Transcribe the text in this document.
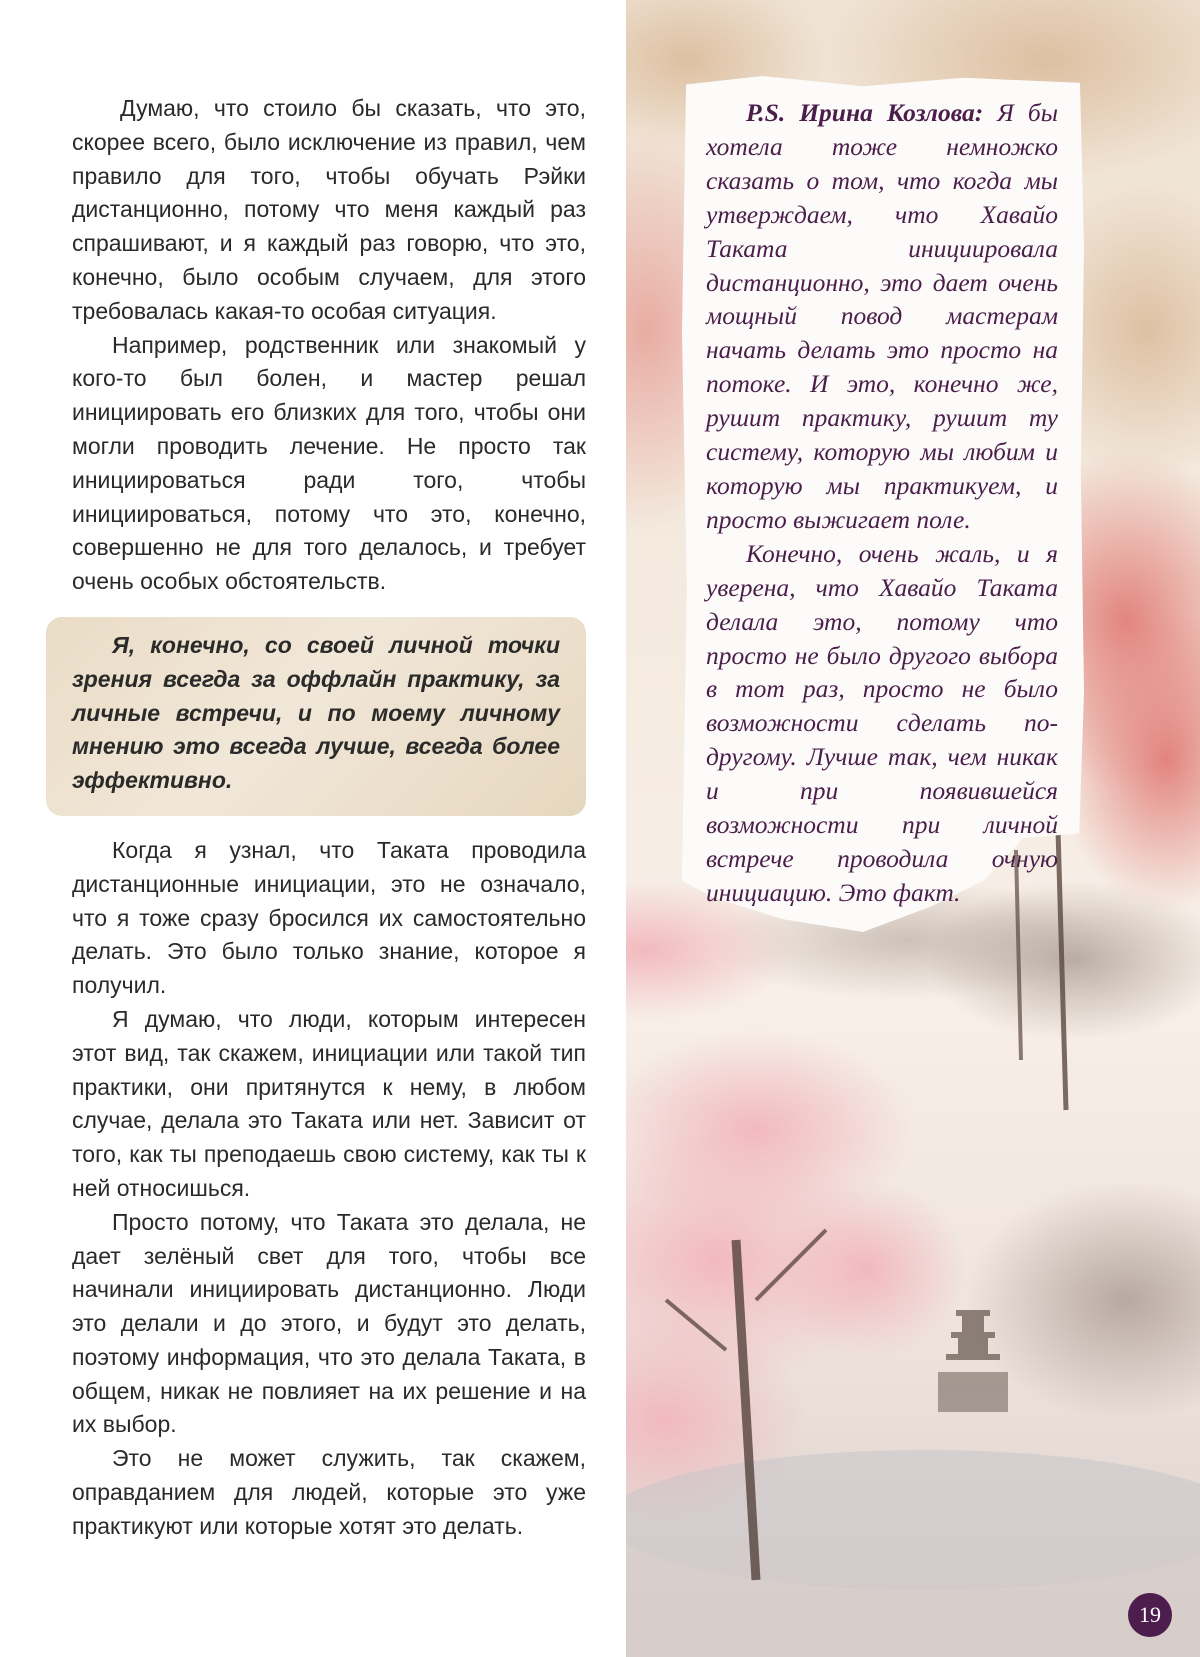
Думаю, что стоило бы сказать, что это, скорее всего, было исключение из правил, чем правило для того, чтобы обучать Рэйки дистанционно, потому что меня каждый раз спрашивают, и я каждый раз говорю, что это, конечно, было особым случаем, для этого требовалась какая-то особая ситуация.

Например, родственник или знакомый у кого-то был болен, и мастер решал инициировать его близких для того, чтобы они могли проводить лечение. Не просто так инициироваться ради того, чтобы инициироваться, потому что это, конечно, совершенно не для того делалось, и требует очень особых обстоятельств.

Я, конечно, со своей личной точки зрения всегда за оффлайн практику, за личные встречи, и по моему личному мнению это всегда лучше, всегда более эффективно.

Когда я узнал, что Таката проводила дистанционные инициации, это не означало, что я тоже сразу бросился их самостоятельно делать. Это было только знание, которое я получил.

Я думаю, что люди, которым интересен этот вид, так скажем, инициации или такой тип практики, они притянутся к нему, в любом случае, делала это Таката или нет. Зависит от того, как ты преподаешь свою систему, как ты к ней относишься.

Просто потому, что Таката это делала, не дает зелёный свет для того, чтобы все начинали инициировать дистанционно. Люди это делали и до этого, и будут это делать, поэтому информация, что это делала Таката, в общем, никак не повлияет на их решение и на их выбор.

Это не может служить, так скажем, оправданием для людей, которые это уже практикуют или которые хотят это делать.

P.S. Ирина Козлова: Я бы хотела тоже немножко сказать о том, что когда мы утверждаем, что Хавайо Таката инициировала дистанционно, это дает очень мощный повод мастерам начать делать это просто на потоке. И это, конечно же, рушит практику, рушит ту систему, которую мы любим и которую мы практикуем, и просто выжигает поле.

Конечно, очень жаль, и я уверена, что Хавайо Таката делала это, потому что просто не было другого выбора в тот раз, просто не было возможности сделать по-другому. Лучше так, чем никак и при появившейся возможности при личной встрече проводила очную инициацию. Это факт.

19
